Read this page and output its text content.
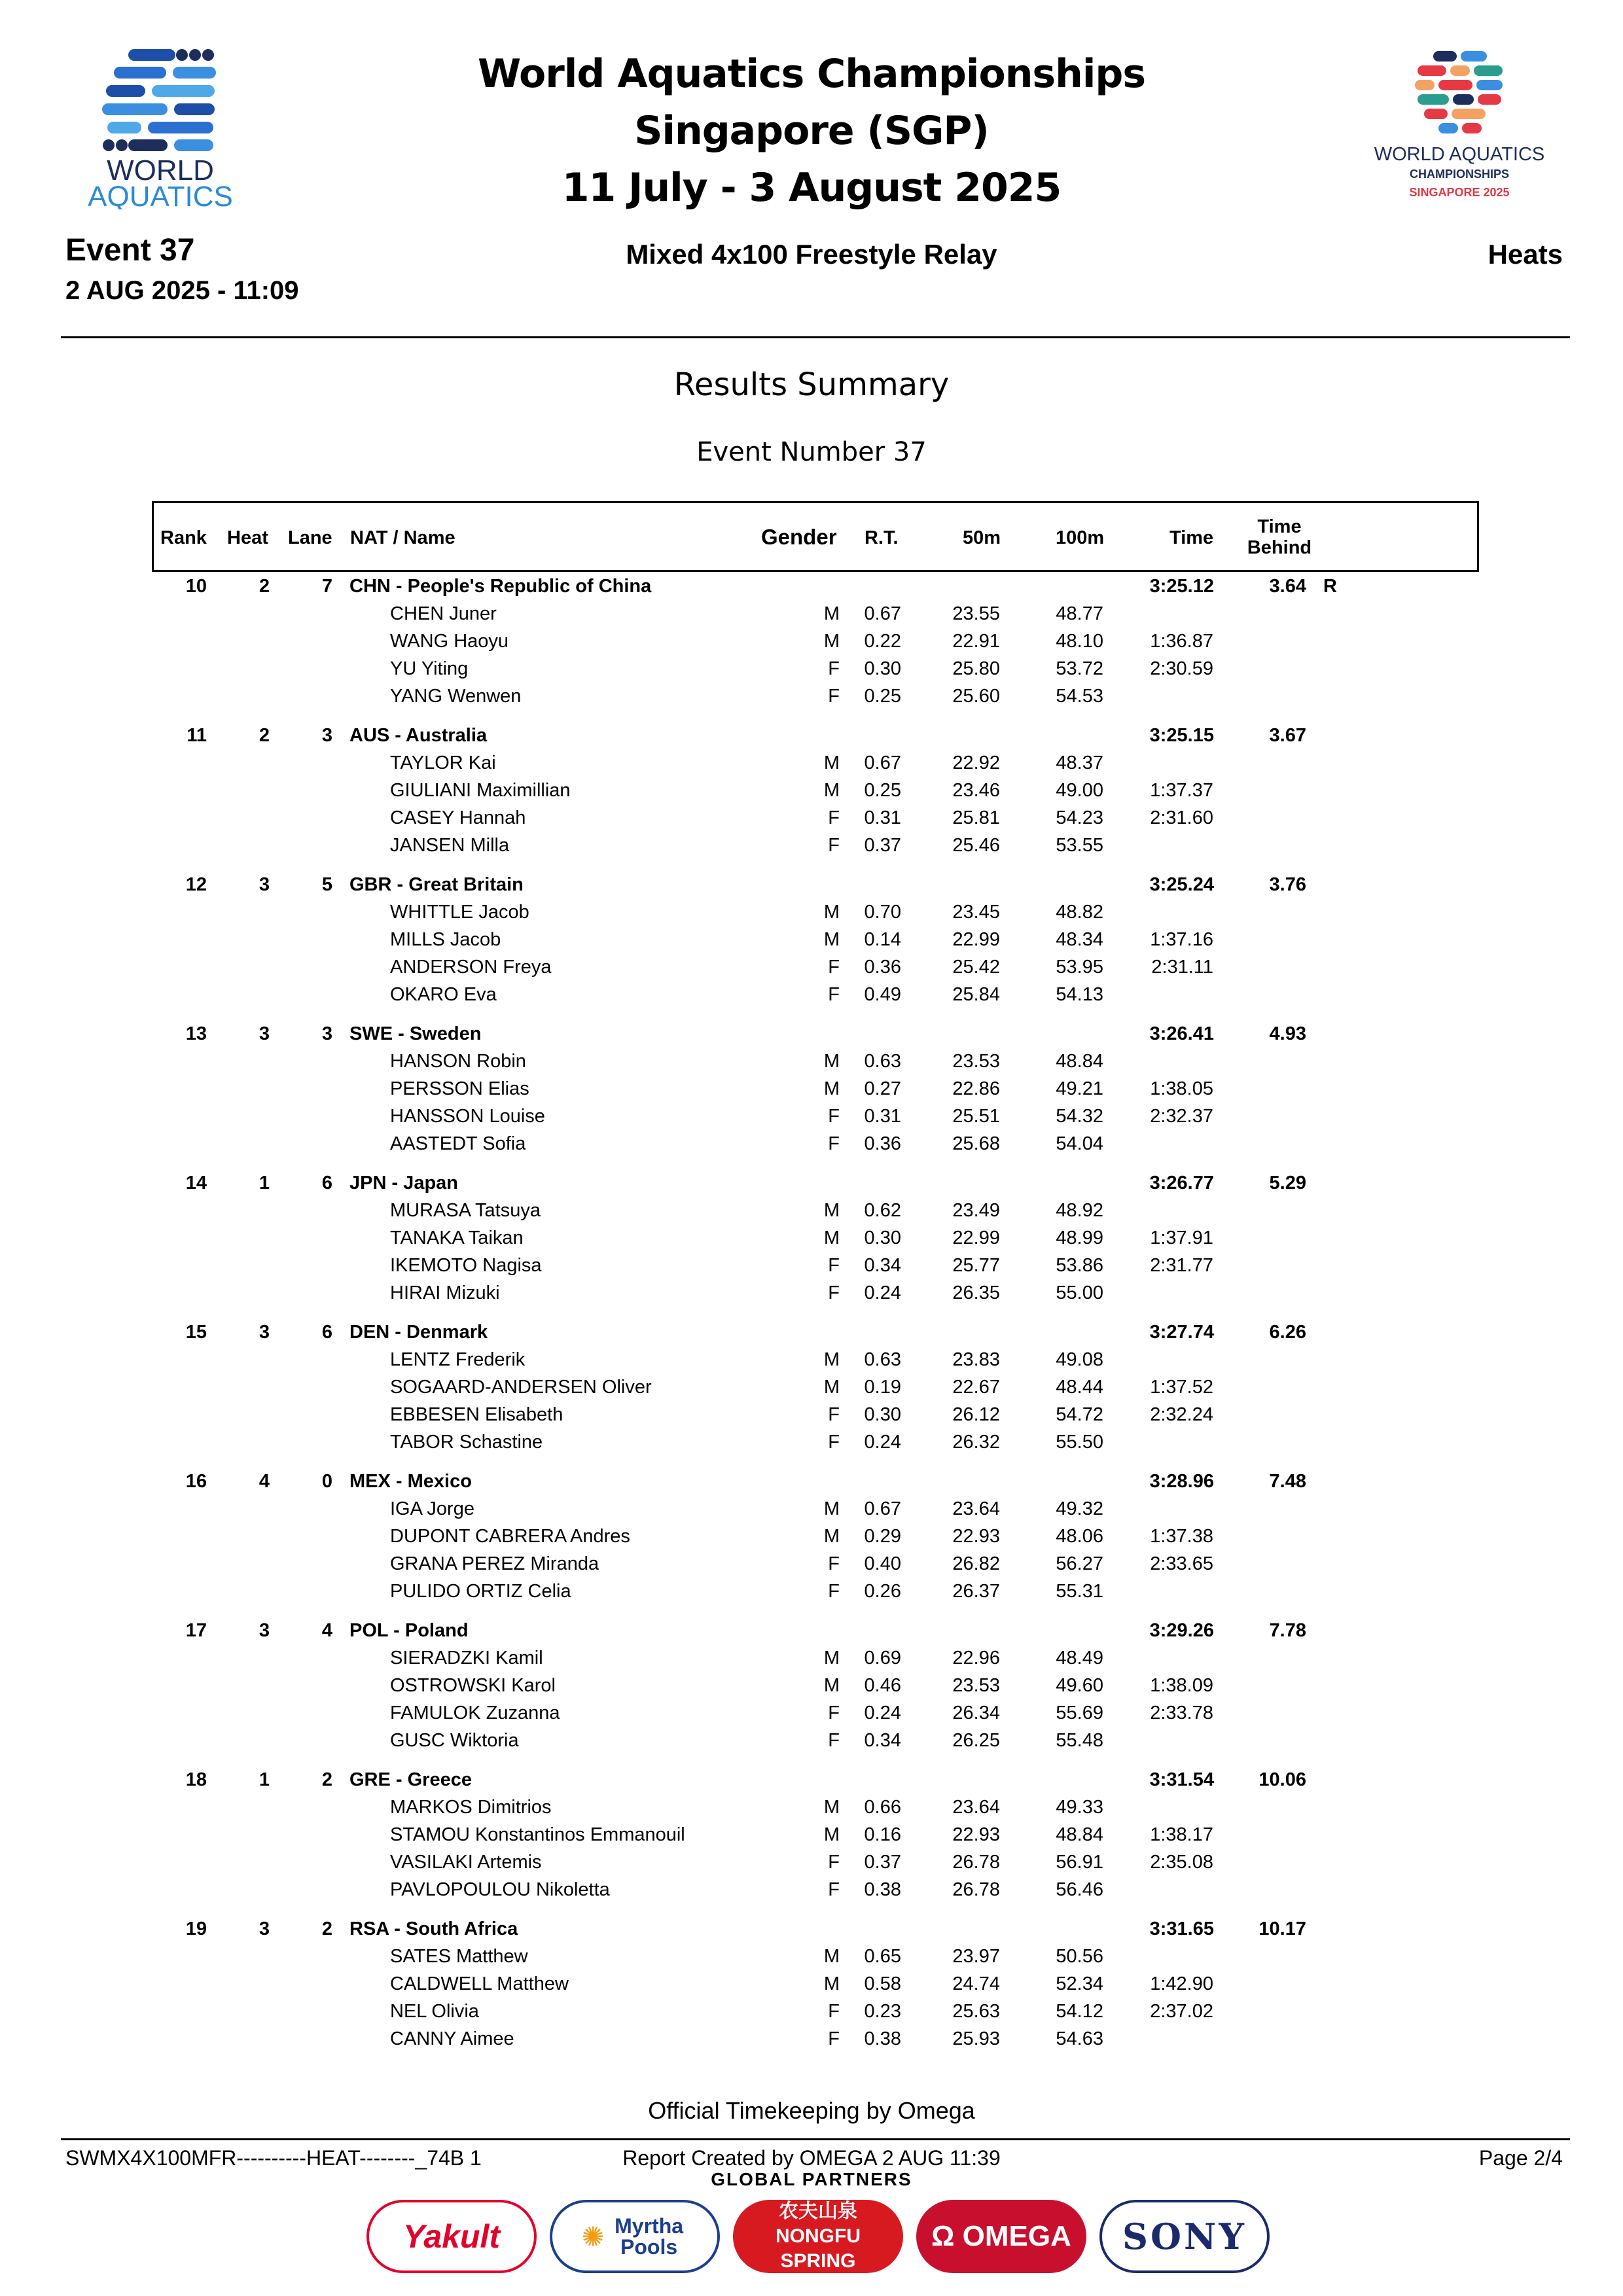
WORLD
AQUATICS
WORLD AQUATICS
CHAMPIONSHIPS
SINGAPORE 2025
World Aquatics Championships
Singapore (SGP)
11 July - 3 August 2025
Event 37
2 AUG 2025 - 11:09
Mixed 4x100 Freestyle Relay	Heats
Results Summary
Event Number 37
Rank Heat Lane NAT / Name	Gender R.T.	50m	100m	Time
Time
Behind
10	2	7 CHN - People's Republic of China	3:25.12	3.64 R
CHEN Juner	M	0.67	23.55	48.77
WANG Haoyu	M	0.22	22.91	48.10	1:36.87
YU Yiting	F	0.30	25.80	53.72	2:30.59
YANG Wenwen	F	0.25	25.60	54.53
11	2	3 AUS - Australia	3:25.15	3.67
TAYLOR Kai	M	0.67	22.92	48.37
GIULIANI Maximillian	M	0.25	23.46	49.00	1:37.37
CASEY Hannah	F	0.31	25.81	54.23	2:31.60
JANSEN Milla	F	0.37	25.46	53.55
12	3	5 GBR - Great Britain	3:25.24	3.76
WHITTLE Jacob	M	0.70	23.45	48.82
MILLS Jacob	M	0.14	22.99	48.34	1:37.16
ANDERSON Freya	F	0.36	25.42	53.95	2:31.11
OKARO Eva	F	0.49	25.84	54.13
13	3	3 SWE - Sweden	3:26.41	4.93
HANSON Robin	M	0.63	23.53	48.84
PERSSON Elias	M	0.27	22.86	49.21	1:38.05
HANSSON Louise	F	0.31	25.51	54.32	2:32.37
AASTEDT Sofia	F	0.36	25.68	54.04
14	1	6 JPN - Japan	3:26.77	5.29
MURASA Tatsuya	M	0.62	23.49	48.92
TANAKA Taikan	M	0.30	22.99	48.99	1:37.91
IKEMOTO Nagisa	F	0.34	25.77	53.86	2:31.77
HIRAI Mizuki	F	0.24	26.35	55.00
15	3	6 DEN - Denmark	3:27.74	6.26
LENTZ Frederik	M	0.63	23.83	49.08
SOGAARD-ANDERSEN Oliver	M	0.19	22.67	48.44	1:37.52
EBBESEN Elisabeth	F	0.30	26.12	54.72	2:32.24
TABOR Schastine	F	0.24	26.32	55.50
16	4	0 MEX - Mexico	3:28.96	7.48
IGA Jorge	M	0.67	23.64	49.32
DUPONT CABRERA Andres	M	0.29	22.93	48.06	1:37.38
GRANA PEREZ Miranda	F	0.40	26.82	56.27	2:33.65
PULIDO ORTIZ Celia	F	0.26	26.37	55.31
17	3	4 POL - Poland	3:29.26	7.78
SIERADZKI Kamil	M	0.69	22.96	48.49
OSTROWSKI Karol	M	0.46	23.53	49.60	1:38.09
FAMULOK Zuzanna	F	0.24	26.34	55.69	2:33.78
GUSC Wiktoria	F	0.34	26.25	55.48
18	1	2 GRE - Greece	3:31.54	10.06
MARKOS Dimitrios	M	0.66	23.64	49.33
STAMOU Konstantinos Emmanouil	M	0.16	22.93	48.84	1:38.17
VASILAKI Artemis	F	0.37	26.78	56.91	2:35.08
PAVLOPOULOU Nikoletta	F	0.38	26.78	56.46
19	3	2 RSA - South Africa	3:31.65	10.17
SATES Matthew	M	0.65	23.97	50.56
CALDWELL Matthew	M	0.58	24.74	52.34	1:42.90
NEL Olivia	F	0.23	25.63	54.12	2:37.02
CANNY Aimee	F	0.38	25.93	54.63
Official Timekeeping by Omega
SWMX4X100MFR----------HEAT--------_74B 1	Report Created by OMEGA 2 AUG 11:39	Page 2/4
GLOBAL PARTNERS
Yakult	✺ Myrtha Pools
农夫山泉 NONGFU SPRING
Ω OMEGA SONY
